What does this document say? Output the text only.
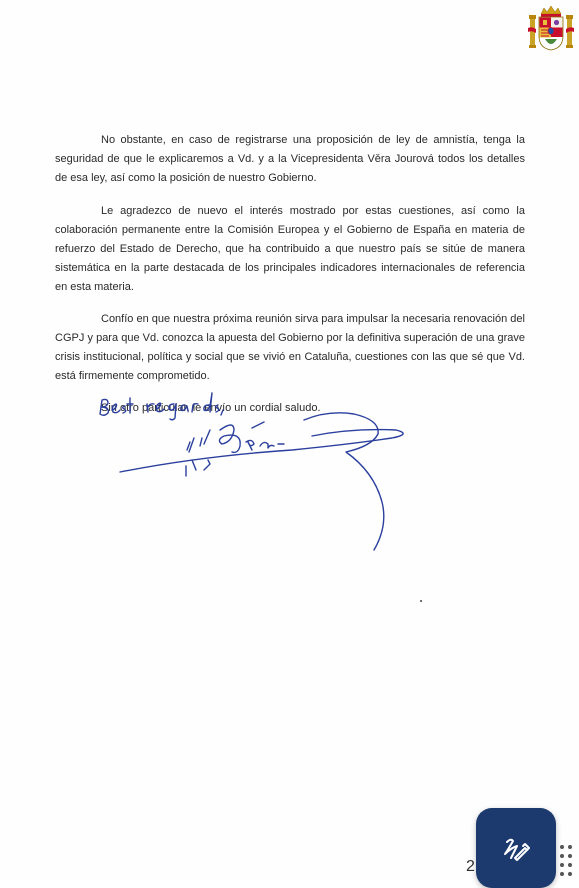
No obstante, en caso de registrarse una proposición de ley de amnistía, tenga la seguridad de que le explicaremos a Vd. y a la Vicepresidenta Věra Jourová todos los detalles de esa ley, así como la posición de nuestro Gobierno.

Le agradezco de nuevo el interés mostrado por estas cuestiones, así como la colaboración permanente entre la Comisión Europea y el Gobierno de España en materia de refuerzo del Estado de Derecho, que ha contribuido a que nuestro país se sitúe de manera sistemática en la parte destacada de los principales indicadores internacionales de referencia en esta materia.

Confío en que nuestra próxima reunión sirva para impulsar la necesaria renovación del CGPJ y para que Vd. conozca la apuesta del Gobierno por la definitiva superación de una grave crisis institucional, política y social que se vivió en Cataluña, cuestiones con las que sé que Vd. está firmemente comprometido.

Sin otro particular, le envío un cordial saludo.

2
